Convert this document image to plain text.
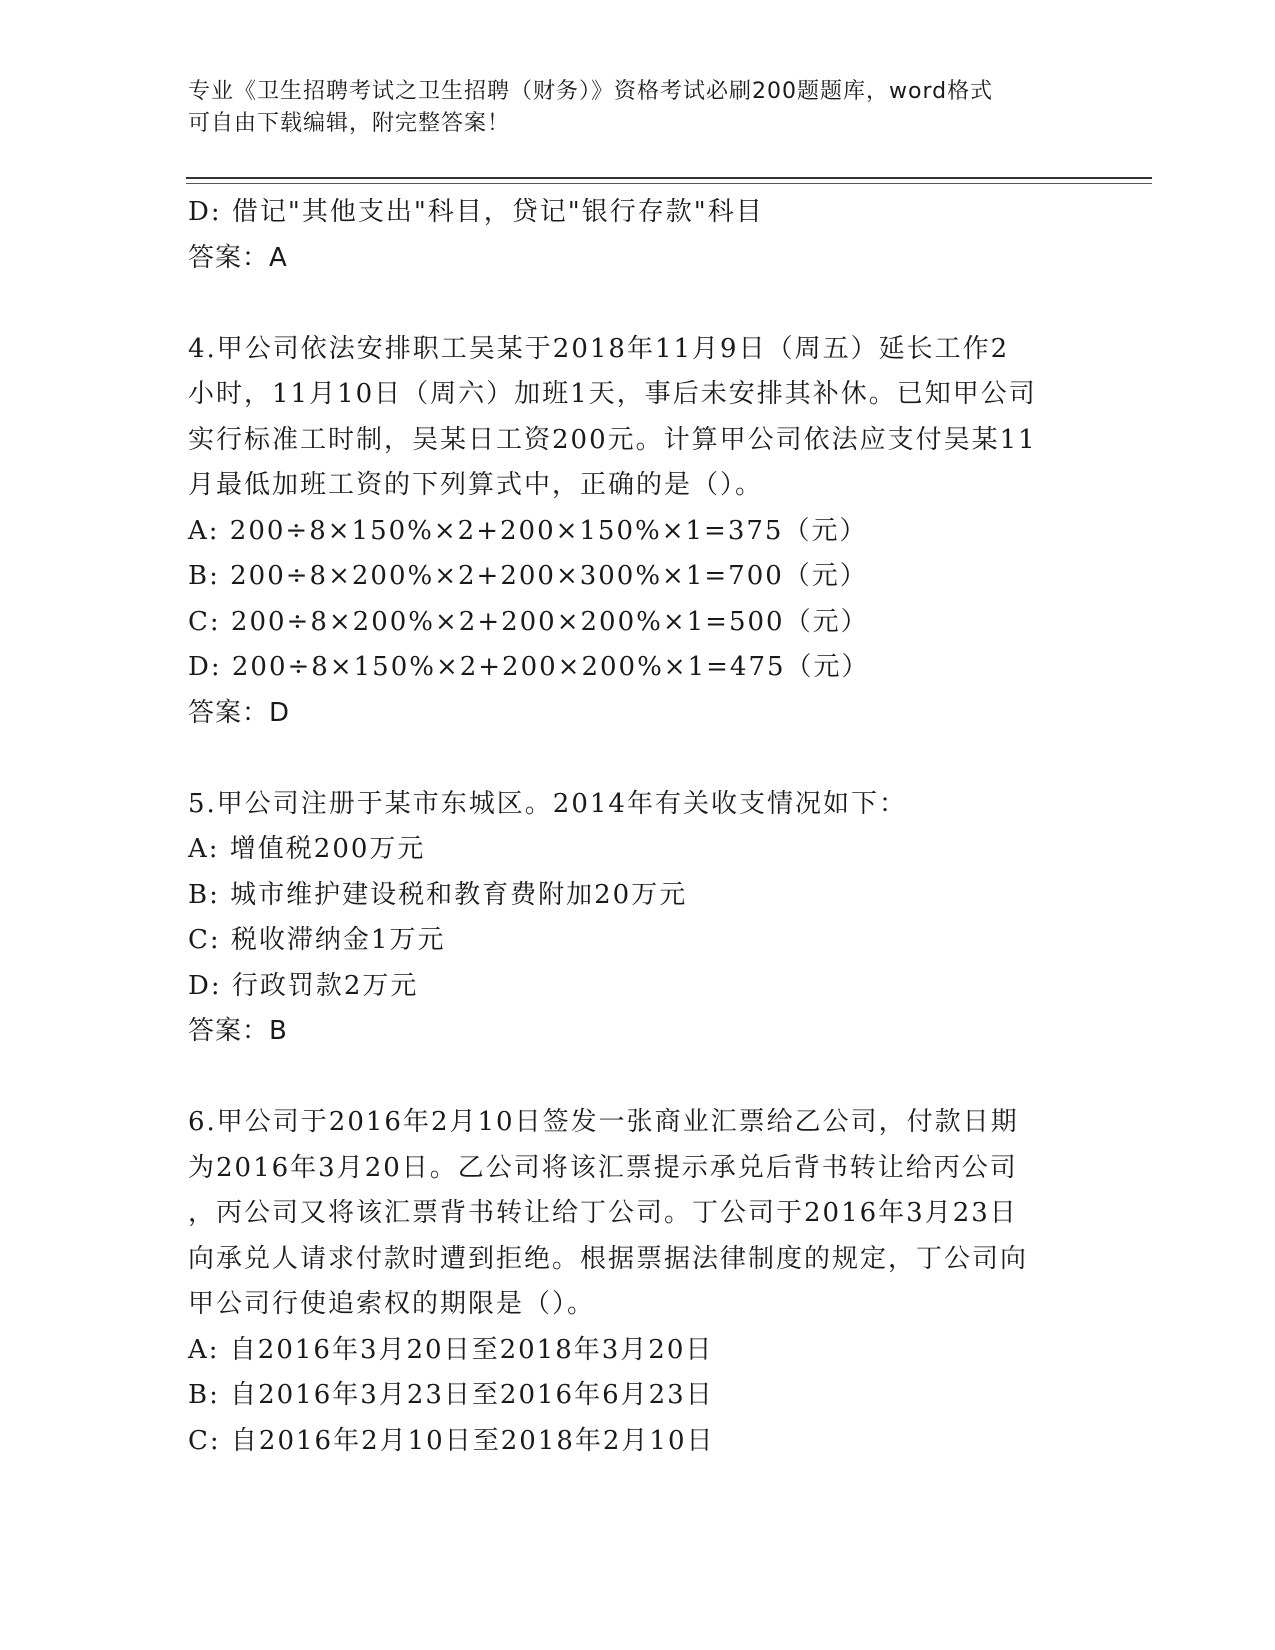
专业《卫生招聘考试之卫生招聘（财务）》资格考试必刷200题题库，word格式
可自由下载编辑，附完整答案！
D: 借记"其他支出"科目，贷记"银行存款"科目
答案：A
4.甲公司依法安排职工吴某于2018年11月9日（周五）延长工作2
小时，11月10日（周六）加班1天，事后未安排其补休。已知甲公司
实行标准工时制，吴某日工资200元。计算甲公司依法应支付吴某11
月最低加班工资的下列算式中，正确的是（）。
A: 200÷8×150%×2+200×150%×1=375（元）
B: 200÷8×200%×2+200×300%×1=700（元）
C: 200÷8×200%×2+200×200%×1=500（元）
D: 200÷8×150%×2+200×200%×1=475（元）
答案：D
5.甲公司注册于某市东城区。2014年有关收支情况如下：
A: 增值税200万元
B: 城市维护建设税和教育费附加20万元
C: 税收滞纳金1万元
D: 行政罚款2万元
答案：B
6.甲公司于2016年2月10日签发一张商业汇票给乙公司，付款日期
为2016年3月20日。乙公司将该汇票提示承兑后背书转让给丙公司
，丙公司又将该汇票背书转让给丁公司。丁公司于2016年3月23日
向承兑人请求付款时遭到拒绝。根据票据法律制度的规定，丁公司向
甲公司行使追索权的期限是（）。
A: 自2016年3月20日至2018年3月20日
B: 自2016年3月23日至2016年6月23日
C: 自2016年2月10日至2018年2月10日
